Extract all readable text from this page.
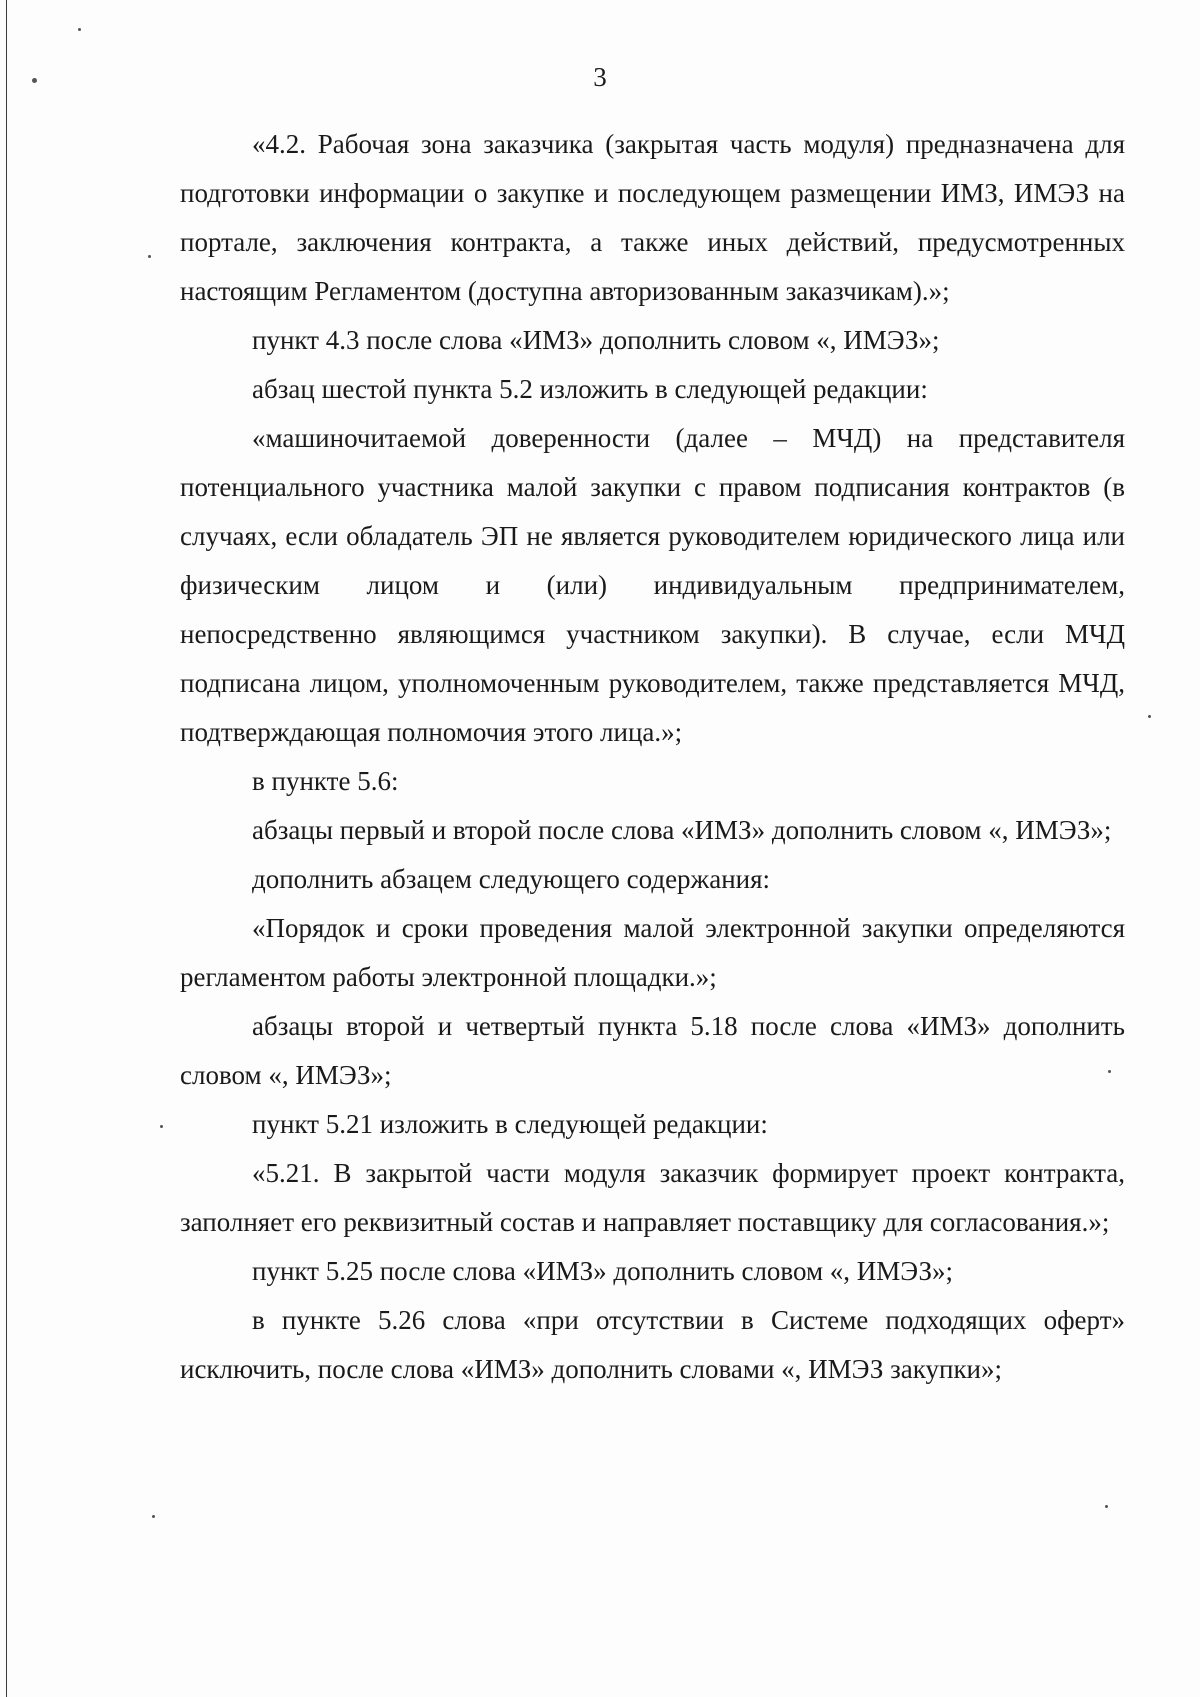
3

«4.2. Рабочая зона заказчика (закрытая часть модуля) предназначена для подготовки информации о закупке и последующем размещении ИМЗ, ИМЭЗ на портале, заключения контракта, а также иных действий, предусмотренных настоящим Регламентом (доступна авторизованным заказчикам).»;

пункт 4.3 после слова «ИМЗ» дополнить словом «, ИМЭЗ»;

абзац шестой пункта 5.2 изложить в следующей редакции:

«машиночитаемой доверенности (далее – МЧД) на представителя потенциального участника малой закупки с правом подписания контрактов (в случаях, если обладатель ЭП не является руководителем юридического лица или физическим лицом и (или) индивидуальным предпринимателем, непосредственно являющимся участником закупки). В случае, если МЧД подписана лицом, уполномоченным руководителем, также представляется МЧД, подтверждающая полномочия этого лица.»;

в пункте 5.6:

абзацы первый и второй после слова «ИМЗ» дополнить словом «, ИМЭЗ»;

дополнить абзацем следующего содержания:

«Порядок и сроки проведения малой электронной закупки определяются регламентом работы электронной площадки.»;

абзацы второй и четвертый пункта 5.18 после слова «ИМЗ» дополнить словом «, ИМЭЗ»;

пункт 5.21 изложить в следующей редакции:

«5.21. В закрытой части модуля заказчик формирует проект контракта, заполняет его реквизитный состав и направляет поставщику для согласования.»;

пункт 5.25 после слова «ИМЗ» дополнить словом «, ИМЭЗ»;

в пункте 5.26 слова «при отсутствии в Системе подходящих оферт» исключить, после слова «ИМЗ» дополнить словами «, ИМЭЗ закупки»;
